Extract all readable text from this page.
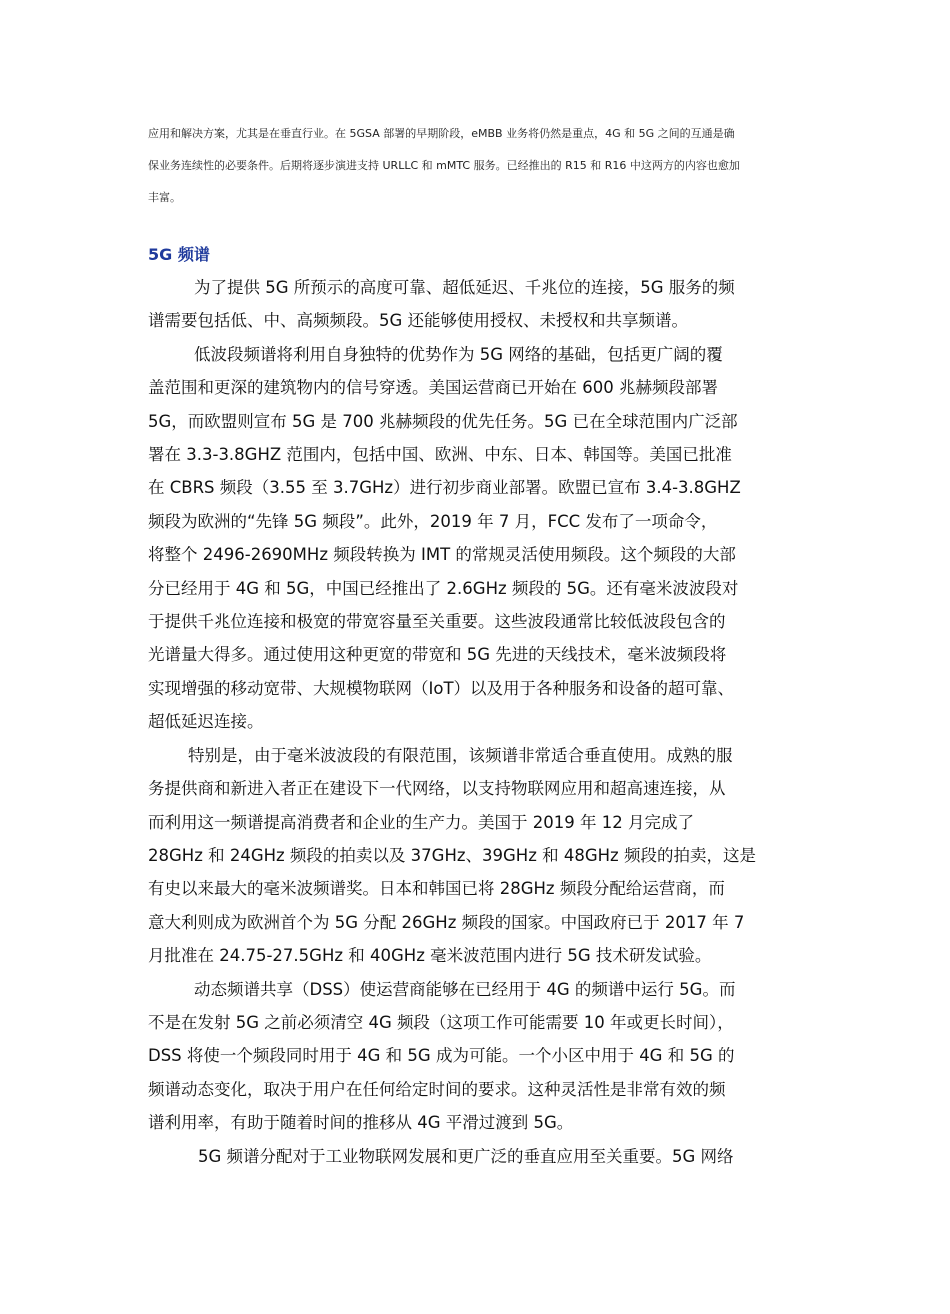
应用和解决方案，尤其是在垂直行业。在 5GSA 部署的早期阶段，eMBB 业务将仍然是重点，4G 和 5G 之间的互通是确
保业务连续性的必要条件。后期将逐步演进支持 URLLC 和 mMTC 服务。已经推出的 R15 和 R16 中这两方的内容也愈加
丰富。
5G 频谱
为了提供 5G 所预示的高度可靠、超低延迟、千兆位的连接，5G 服务的频
谱需要包括低、中、高频频段。5G 还能够使用授权、未授权和共享频谱。
低波段频谱将利用自身独特的优势作为 5G 网络的基础，包括更广阔的覆
盖范围和更深的建筑物内的信号穿透。美国运营商已开始在 600 兆赫频段部署
5G，而欧盟则宣布 5G 是 700 兆赫频段的优先任务。5G 已在全球范围内广泛部
署在 3.3-3.8GHZ 范围内，包括中国、欧洲、中东、日本、韩国等。美国已批准
在 CBRS 频段（3.55 至 3.7GHz）进行初步商业部署。欧盟已宣布 3.4-3.8GHZ
频段为欧洲的“先锋 5G 频段”。此外，2019 年 7 月，FCC 发布了一项命令，
将整个 2496-2690MHz 频段转换为 IMT 的常规灵活使用频段。这个频段的大部
分已经用于 4G 和 5G，中国已经推出了 2.6GHz 频段的 5G。还有毫米波波段对
于提供千兆位连接和极宽的带宽容量至关重要。这些波段通常比较低波段包含的
光谱量大得多。通过使用这种更宽的带宽和 5G 先进的天线技术，毫米波频段将
实现增强的移动宽带、大规模物联网（IoT）以及用于各种服务和设备的超可靠、
超低延迟连接。
特别是，由于毫米波波段的有限范围，该频谱非常适合垂直使用。成熟的服
务提供商和新进入者正在建设下一代网络，以支持物联网应用和超高速连接，从
而利用这一频谱提高消费者和企业的生产力。美国于 2019 年 12 月完成了
28GHz 和 24GHz 频段的拍卖以及 37GHz、39GHz 和 48GHz 频段的拍卖，这是
有史以来最大的毫米波频谱奖。日本和韩国已将 28GHz 频段分配给运营商，而
意大利则成为欧洲首个为 5G 分配 26GHz 频段的国家。中国政府已于 2017 年 7
月批准在 24.75-27.5GHz 和 40GHz 毫米波范围内进行 5G 技术研发试验。
动态频谱共享（DSS）使运营商能够在已经用于 4G 的频谱中运行 5G。而
不是在发射 5G 之前必须清空 4G 频段（这项工作可能需要 10 年或更长时间），
DSS 将使一个频段同时用于 4G 和 5G 成为可能。一个小区中用于 4G 和 5G 的
频谱动态变化，取决于用户在任何给定时间的要求。这种灵活性是非常有效的频
谱利用率，有助于随着时间的推移从 4G 平滑过渡到 5G。
5G 频谱分配对于工业物联网发展和更广泛的垂直应用至关重要。5G 网络
